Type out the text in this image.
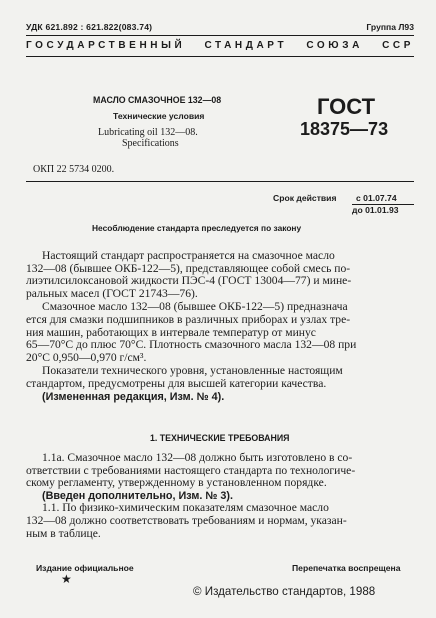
УДК 621.892 : 621.822(083.74)	Группа Л93
ГОСУДАРСТВЕННЫЙ СТАНДАРТ СОЮЗА ССР
МАСЛО СМАЗОЧНОЕ 132—08
Технические условия
Lubricating oil 132—08.
Specifications
ГОСТ
18375—73
ОКП 22 5734 0200.
Срок действия с 01.07.74
до 01.01.93
Несоблюдение стандарта преследуется по закону
Настоящий стандарт распространяется на смазочное масло
132—08 (бывшее ОКБ-122—5), представляющее собой смесь по-
лиэтилсилоксановой жидкости ПЭС-4 (ГОСТ 13004—77) и мине-
ральных масел (ГОСТ 21743—76).
Смазочное масло 132—08 (бывшее ОКБ-122—5) предназнача
ется для смазки подшипников в различных приборах и узлах тре-
ния машин, работающих в интервале температур от минус
65—70°С до плюс 70°С. Плотность смазочного масла 132—08 при
20°С 0,950—0,970 г/см³.
Показатели технического уровня, установленные настоящим
стандартом, предусмотрены для высшей категории качества.
(Измененная редакция, Изм. № 4).
1. ТЕХНИЧЕСКИЕ ТРЕБОВАНИЯ
1.1а. Смазочное масло 132—08 должно быть изготовлено в со-
ответствии с требованиями настоящего стандарта по технологиче-
скому регламенту, утвержденному в установленном порядке.
(Введен дополнительно, Изм. № 3).
1.1. По физико-химическим показателям смазочное масло
132—08 должно соответствовать требованиям и нормам, указан-
ным в таблице.
Издание официальное	Перепечатка воспрещена
★
© Издательство стандартов, 1988
